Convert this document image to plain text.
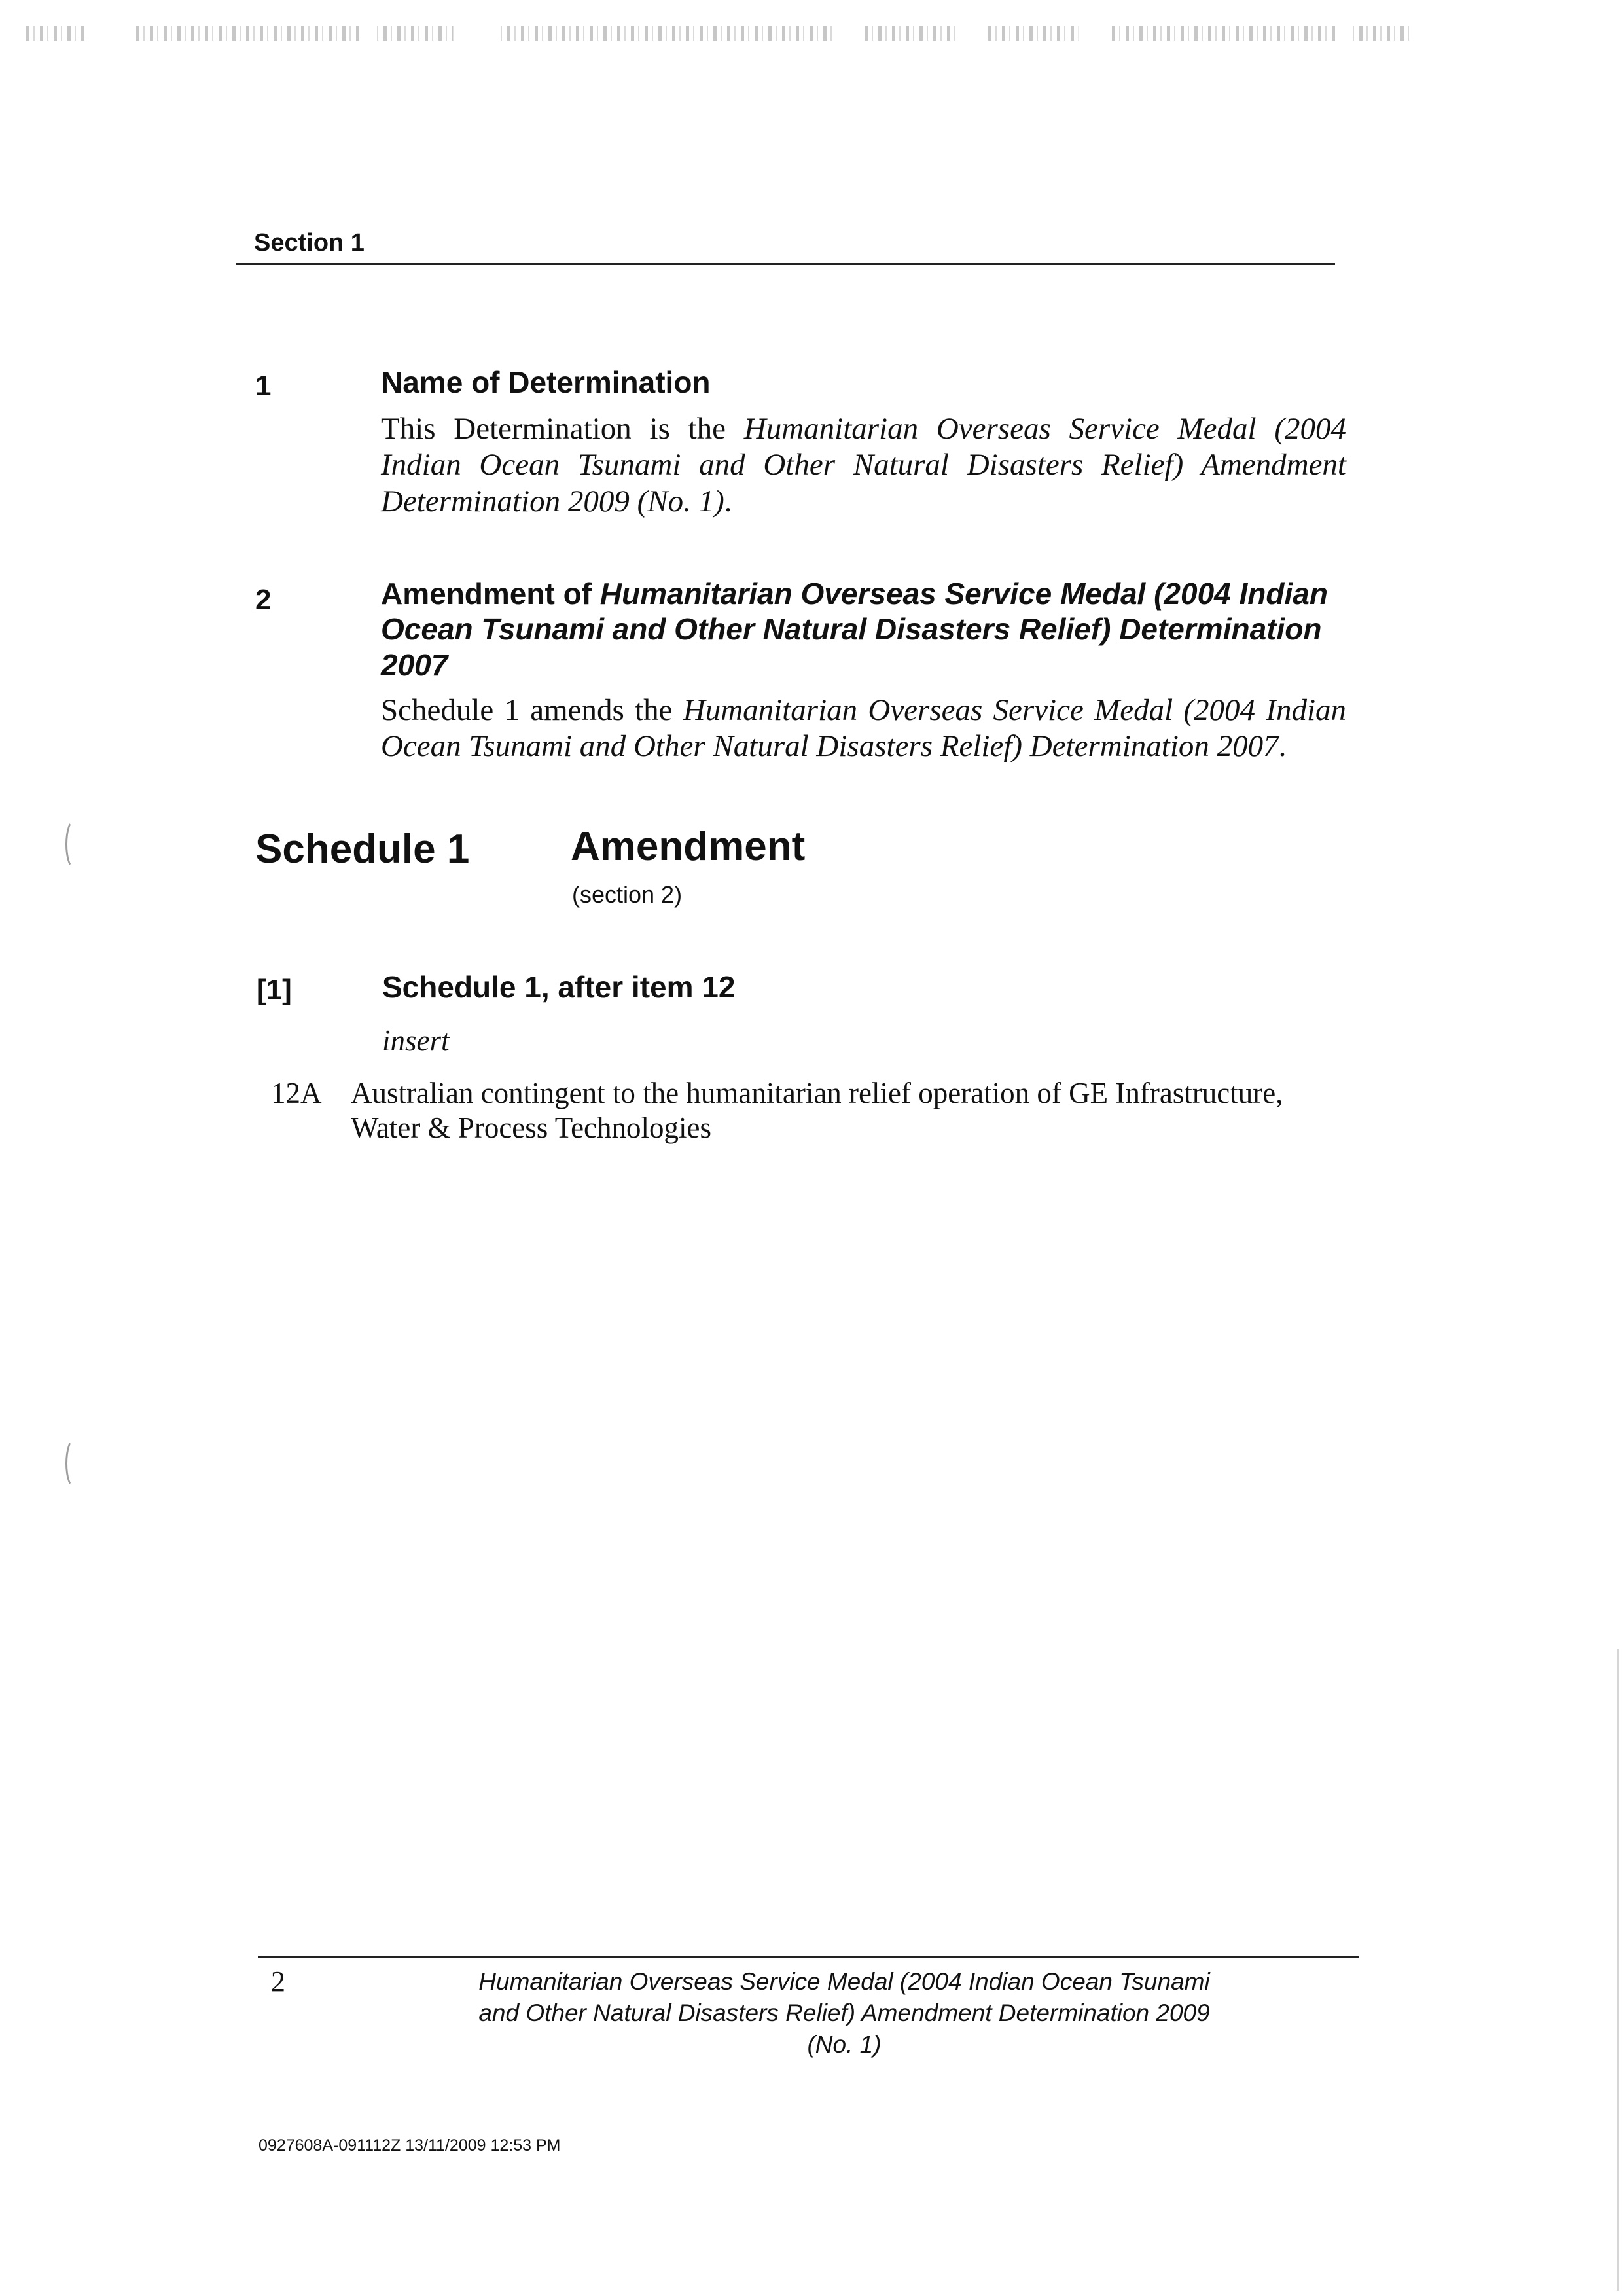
Section 1
1	Name of Determination
This Determination is the Humanitarian Overseas Service Medal (2004 Indian Ocean Tsunami and Other Natural Disasters Relief) Amendment Determination 2009 (No. 1).
2	Amendment of Humanitarian Overseas Service Medal (2004 Indian Ocean Tsunami and Other Natural Disasters Relief) Determination 2007
Schedule 1 amends the Humanitarian Overseas Service Medal (2004 Indian Ocean Tsunami and Other Natural Disasters Relief) Determination 2007.
Schedule 1 Amendment
(section 2)
[1]	Schedule 1, after item 12
insert
12A Australian contingent to the humanitarian relief operation of GE Infrastructure, Water & Process Technologies
2	Humanitarian Overseas Service Medal (2004 Indian Ocean Tsunami and Other Natural Disasters Relief) Amendment Determination 2009 (No. 1)
0927608A-091112Z 13/11/2009 12:53 PM
